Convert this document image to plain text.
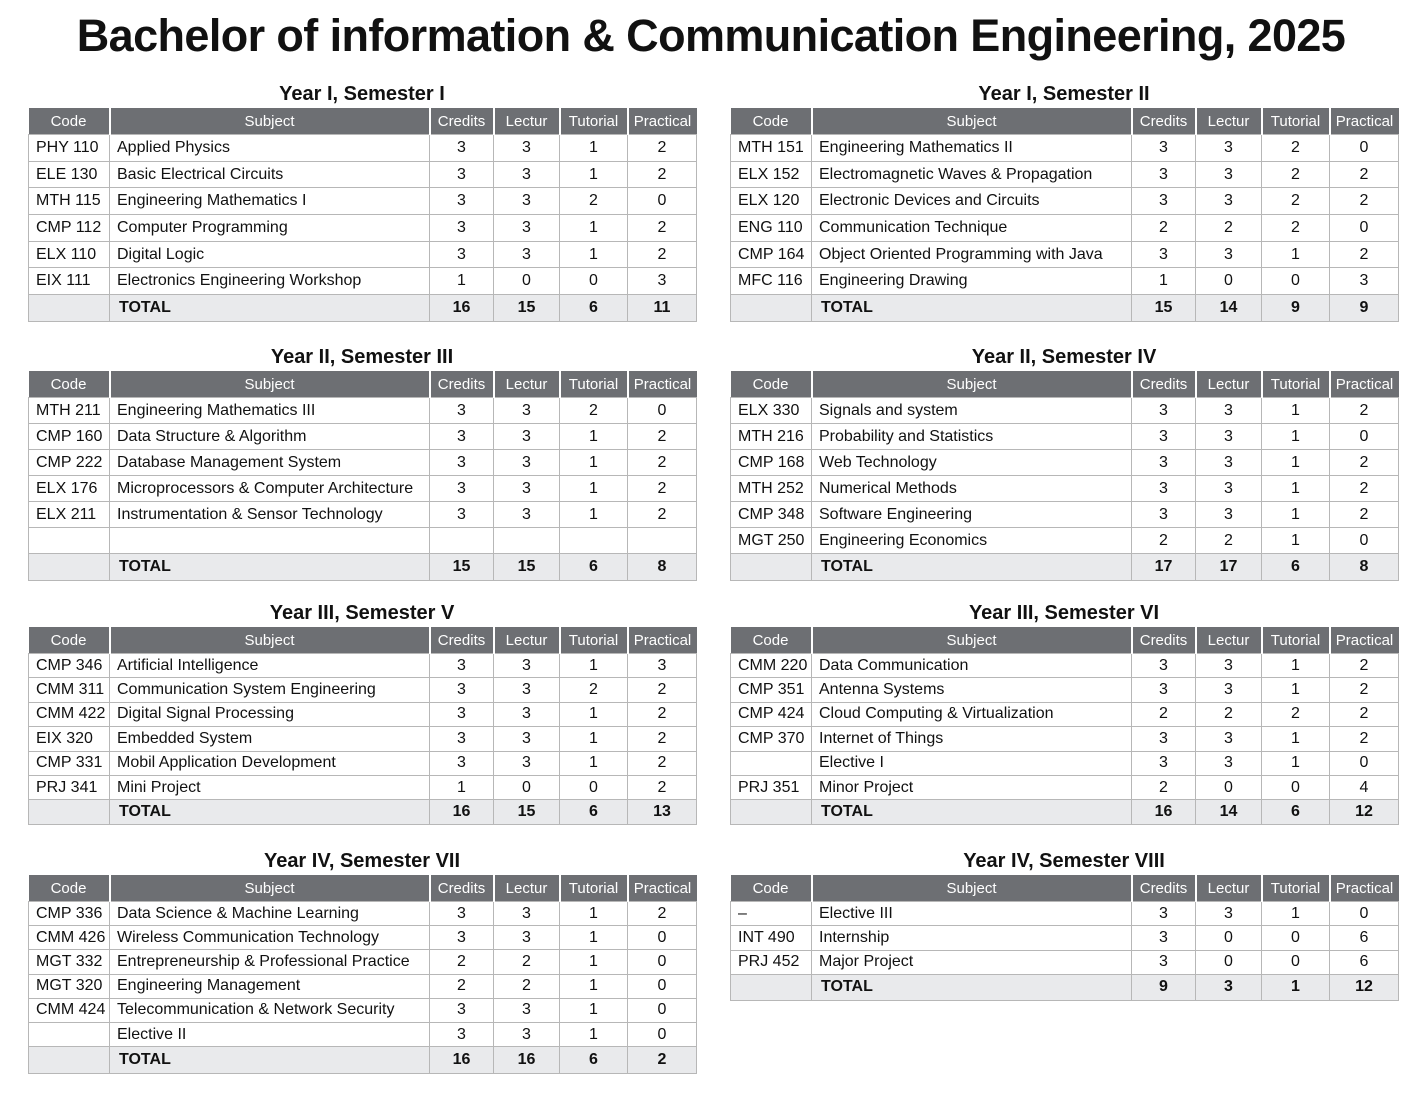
Bachelor of information & Communication Engineering, 2025
Year I, Semester I
Code	Subject	Credits	Lectur	Tutorial	Practical
PHY 110	Applied Physics	3	3	1	2
ELE 130	Basic Electrical Circuits	3	3	1	2
MTH 115	Engineering Mathematics I	3	3	2	0
CMP 112	Computer Programming	3	3	1	2
ELX 110	Digital Logic	3	3	1	2
EIX 111	Electronics Engineering Workshop	1	0	0	3
	TOTAL	16	15	6	11
Year I, Semester II
Code	Subject	Credits	Lectur	Tutorial	Practical
MTH 151	Engineering Mathematics II	3	3	2	0
ELX 152	Electromagnetic Waves & Propagation	3	3	2	2
ELX 120	Electronic Devices and Circuits	3	3	2	2
ENG 110	Communication Technique	2	2	2	0
CMP 164	Object Oriented Programming with Java	3	3	1	2
MFC 116	Engineering Drawing	1	0	0	3
	TOTAL	15	14	9	9
Year II, Semester III
Code	Subject	Credits	Lectur	Tutorial	Practical
MTH 211	Engineering Mathematics III	3	3	2	0
CMP 160	Data Structure & Algorithm	3	3	1	2
CMP 222	Database Management System	3	3	1	2
ELX 176	Microprocessors & Computer Architecture	3	3	1	2
ELX 211	Instrumentation & Sensor Technology	3	3	1	2

	TOTAL	15	15	6	8
Year II, Semester IV
Code	Subject	Credits	Lectur	Tutorial	Practical
ELX 330	Signals and system	3	3	1	2
MTH 216	Probability and Statistics	3	3	1	0
CMP 168	Web Technology	3	3	1	2
MTH 252	Numerical Methods	3	3	1	2
CMP 348	Software Engineering	3	3	1	2
MGT 250	Engineering Economics	2	2	1	0
	TOTAL	17	17	6	8
Year III, Semester V
Code	Subject	Credits	Lectur	Tutorial	Practical
CMP 346	Artificial Intelligence	3	3	1	3
CMM 311	Communication System Engineering	3	3	2	2
CMM 422	Digital Signal Processing	3	3	1	2
EIX 320	Embedded System	3	3	1	2
CMP 331	Mobil Application Development	3	3	1	2
PRJ 341	Mini Project	1	0	0	2
	TOTAL	16	15	6	13
Year III, Semester VI
Code	Subject	Credits	Lectur	Tutorial	Practical
CMM 220	Data Communication	3	3	1	2
CMP 351	Antenna Systems	3	3	1	2
CMP 424	Cloud Computing & Virtualization	2	2	2	2
CMP 370	Internet of Things	3	3	1	2
	Elective I	3	3	1	0
PRJ 351	Minor Project	2	0	0	4
	TOTAL	16	14	6	12
Year IV, Semester VII
Code	Subject	Credits	Lectur	Tutorial	Practical
CMP 336	Data Science & Machine Learning	3	3	1	2
CMM 426	Wireless Communication Technology	3	3	1	0
MGT 332	Entrepreneurship & Professional Practice	2	2	1	0
MGT 320	Engineering Management	2	2	1	0
CMM 424	Telecommunication & Network Security	3	3	1	0
	Elective II	3	3	1	0
	TOTAL	16	16	6	2
Year IV, Semester VIII
Code	Subject	Credits	Lectur	Tutorial	Practical
–	Elective III	3	3	1	0
INT 490	Internship	3	0	0	6
PRJ 452	Major Project	3	0	0	6
	TOTAL	9	3	1	12
